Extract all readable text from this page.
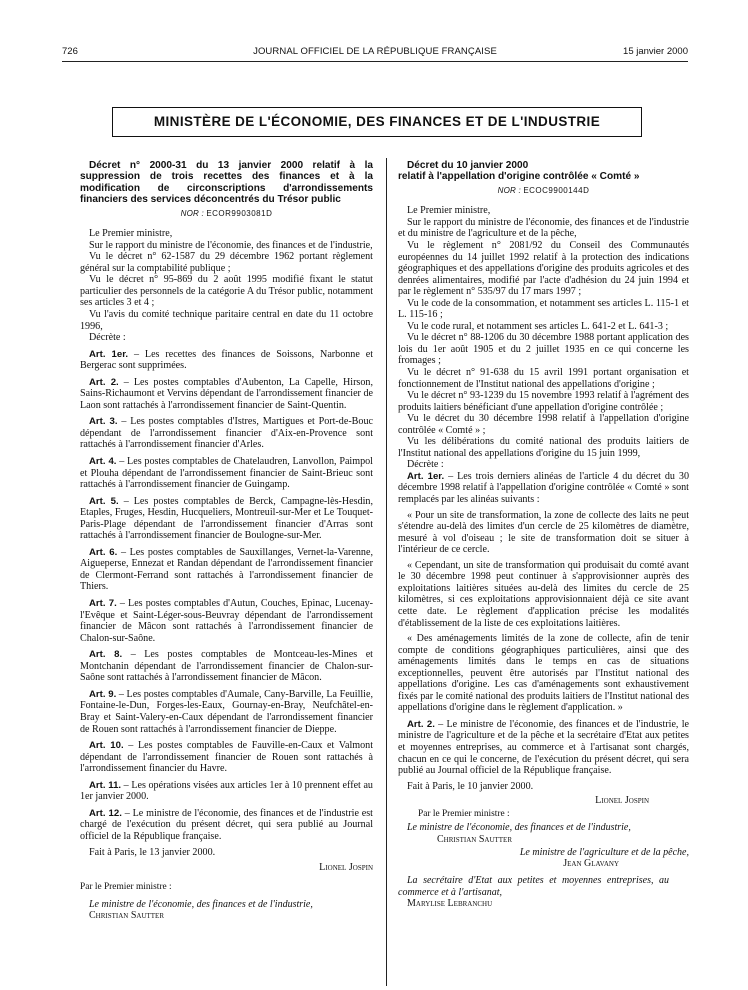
726	JOURNAL OFFICIEL DE LA RÉPUBLIQUE FRANÇAISE	15 janvier 2000
MINISTÈRE DE L'ÉCONOMIE, DES FINANCES ET DE L'INDUSTRIE

Décret n° 2000-31 du 13 janvier 2000 relatif à la suppression de trois recettes des finances et à la modification de circonscriptions d'arrondissements financiers des services déconcentrés du Trésor public

NOR : ECOR9903081D

Le Premier ministre,

Sur le rapport du ministre de l'économie, des finances et de l'industrie,

Vu le décret n° 62-1587 du 29 décembre 1962 portant règlement général sur la comptabilité publique ;

Vu le décret n° 95-869 du 2 août 1995 modifié fixant le statut particulier des personnels de la catégorie A du Trésor public, notamment ses articles 3 et 4 ;

Vu l'avis du comité technique paritaire central en date du 11 octobre 1996,

Décrète :

Art. 1er. – Les recettes des finances de Soissons, Narbonne et Bergerac sont supprimées.

Art. 2. – Les postes comptables d'Aubenton, La Capelle, Hirson, Sains-Richaumont et Vervins dépendant de l'arrondissement financier de Laon sont rattachés à l'arrondissement financier de Saint-Quentin.

Art. 3. – Les postes comptables d'Istres, Martigues et Port-de-Bouc dépendant de l'arrondissement financier d'Aix-en-Provence sont rattachés à l'arrondissement financier d'Arles.

Art. 4. – Les postes comptables de Chatelaudren, Lanvollon, Paimpol et Plouha dépendant de l'arrondissement financier de Saint-Brieuc sont rattachés à l'arrondissement financier de Guingamp.

Art. 5. – Les postes comptables de Berck, Campagne-lès-Hesdin, Etaples, Fruges, Hesdin, Hucqueliers, Montreuil-sur-Mer et Le Touquet-Paris-Plage dépendant de l'arrondissement financier d'Arras sont rattachés à l'arrondissement financier de Boulogne-sur-Mer.

Art. 6. – Les postes comptables de Sauxillanges, Vernet-la-Varenne, Aigueperse, Ennezat et Randan dépendant de l'arrondissement financier de Clermont-Ferrand sont rattachés à l'arrondissement financier de Thiers.

Art. 7. – Les postes comptables d'Autun, Couches, Epinac, Lucenay-l'Evêque et Saint-Léger-sous-Beuvray dépendant de l'arrondissement financier de Mâcon sont rattachés à l'arrondissement financier de Chalon-sur-Saône.

Art. 8. – Les postes comptables de Montceau-les-Mines et Montchanin dépendant de l'arrondissement financier de Chalon-sur-Saône sont rattachés à l'arrondissement financier de Mâcon.

Art. 9. – Les postes comptables d'Aumale, Cany-Barville, La Feuillie, Fontaine-le-Dun, Forges-les-Eaux, Gournay-en-Bray, Neufchâtel-en-Bray et Saint-Valery-en-Caux dépendant de l'arrondissement financier de Rouen sont rattachés à l'arrondissement financier de Dieppe.

Art. 10. – Les postes comptables de Fauville-en-Caux et Valmont dépendant de l'arrondissement financier de Rouen sont rattachés à l'arrondissement financier du Havre.

Art. 11. – Les opérations visées aux articles 1er à 10 prennent effet au 1er janvier 2000.

Art. 12. – Le ministre de l'économie, des finances et de l'industrie est chargé de l'exécution du présent décret, qui sera publié au Journal officiel de la République française.

Fait à Paris, le 13 janvier 2000.

Lionel Jospin
Par le Premier ministre :

Le ministre de l'économie, des finances et de l'industrie,
Christian Sautter

Décret du 10 janvier 2000
relatif à l'appellation d'origine contrôlée « Comté »

NOR : ECOC9900144D

Le Premier ministre,

Sur le rapport du ministre de l'économie, des finances et de l'industrie et du ministre de l'agriculture et de la pêche,

Vu le règlement n° 2081/92 du Conseil des Communautés européennes du 14 juillet 1992 relatif à la protection des indications géographiques et des appellations d'origine des produits agricoles et des denrées alimentaires, modifié par l'acte d'adhésion du 24 juin 1994 et par le règlement n° 535/97 du 17 mars 1997 ;

Vu le code de la consommation, et notamment ses articles L. 115-1 et L. 115-16 ;

Vu le code rural, et notamment ses articles L. 641-2 et L. 641-3 ;

Vu le décret n° 88-1206 du 30 décembre 1988 portant application des lois du 1er août 1905 et du 2 juillet 1935 en ce qui concerne les fromages ;

Vu le décret n° 91-638 du 15 avril 1991 portant organisation et fonctionnement de l'Institut national des appellations d'origine ;

Vu le décret n° 93-1239 du 15 novembre 1993 relatif à l'agrément des produits laitiers bénéficiant d'une appellation d'origine contrôlée ;

Vu le décret du 30 décembre 1998 relatif à l'appellation d'origine contrôlée « Comté » ;

Vu les délibérations du comité national des produits laitiers de l'Institut national des appellations d'origine du 15 juin 1999,

Décrète :

Art. 1er. – Les trois derniers alinéas de l'article 4 du décret du 30 décembre 1998 relatif à l'appellation d'origine contrôlée « Comté » sont remplacés par les alinéas suivants :

« Pour un site de transformation, la zone de collecte des laits ne peut s'étendre au-delà des limites d'un cercle de 25 kilomètres de diamètre, mesuré à vol d'oiseau ; le site de transformation doit se situer à l'intérieur de ce cercle.

« Cependant, un site de transformation qui produisait du comté avant le 30 décembre 1998 peut continuer à s'approvisionner auprès des exploitations laitières situées au-delà des limites du cercle de 25 kilomètres, si ces exploitations approvisionnaient déjà ce site avant cette date. Le règlement d'application précise les modalités d'établissement de la liste de ces exploitations laitières.

« Des aménagements limités de la zone de collecte, afin de tenir compte de conditions géographiques particulières, ainsi que des aménagements limités dans le temps en cas de situations exceptionnelles, peuvent être autorisés par l'Institut national des appellations d'origine. Les cas d'aménagements sont exhaustivement fixés par le comité national des produits laitiers de l'Institut national des appellations d'origine dans le règlement d'application. »

Art. 2. – Le ministre de l'économie, des finances et de l'industrie, le ministre de l'agriculture et de la pêche et la secrétaire d'Etat aux petites et moyennes entreprises, au commerce et à l'artisanat sont chargés, chacun en ce qui le concerne, de l'exécution du présent décret, qui sera publié au Journal officiel de la République française.

Fait à Paris, le 10 janvier 2000.

Lionel Jospin
Par le Premier ministre :

Le ministre de l'économie, des finances et de l'industrie,
Christian Sautter

Le ministre de l'agriculture et de la pêche,
Jean Glavany

La secrétaire d'Etat aux petites et moyennes entreprises, au commerce et à l'artisanat,
Marylise Lebranchu
